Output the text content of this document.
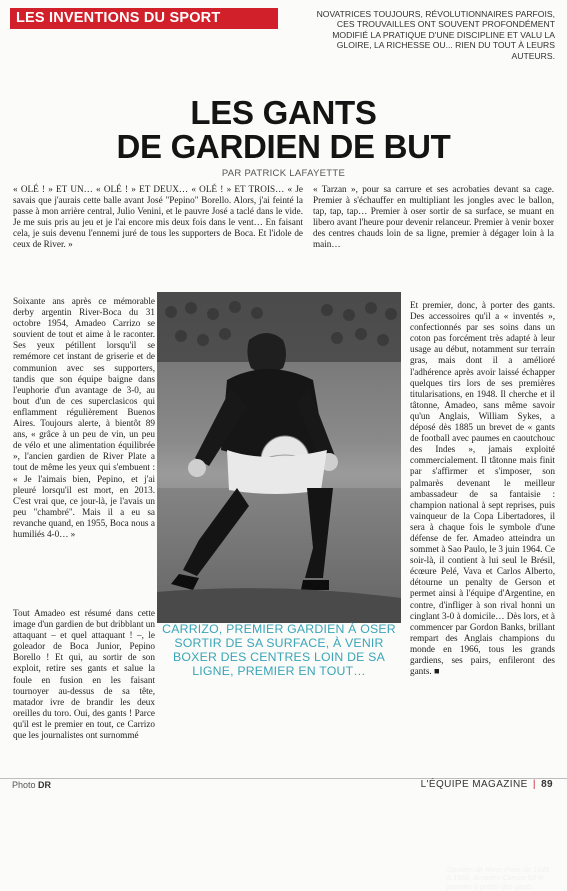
LES INVENTIONS DU SPORT	NOVATRICES TOUJOURS, RÉVOLUTIONNAIRES PARFOIS, CES TROUVAILLES ONT SOUVENT PROFONDÉMENT MODIFIÉ LA PRATIQUE D'UNE DISCIPLINE ET VALU LA GLOIRE, LA RICHESSE OU... RIEN DU TOUT À LEURS AUTEURS.
LES GANTS
DE GARDIEN DE BUT
PAR PATRICK LAFAYETTE

« OLÉ ! » ET UN… « OLÉ ! » ET DEUX… « OLÉ ! » ET TROIS… « Je savais que j'aurais cette balle avant José "Pepino" Borello. Alors, j'ai feinté la passe à mon arrière central, Julio Venini, et le pauvre José a taclé dans le vide. Je me suis pris au jeu et je l'ai encore mis deux fois dans le vent… En faisant cela, je suis devenu l'ennemi juré de tous les supporters de Boca. Et l'idole de ceux de River. »

Soixante ans après ce mémorable derby argentin River-Boca du 31 octobre 1954, Amadeo Carrizo se souvient de tout et aime à le raconter. Ses yeux pétillent lorsqu'il se remémore cet instant de griserie et de communion avec ses supporters, tandis que son équipe baigne dans l'euphorie d'un avantage de 3-0, au bout d'un de ces superclasicos qui enflamment régulièrement Buenos Aires. Toujours alerte, à bientôt 89 ans, « grâce à un peu de vin, un peu de vélo et une alimentation équilibrée », l'ancien gardien de River Plate a tout de même les yeux qui s'embuent : « Je l'aimais bien, Pepino, et j'ai pleuré lorsqu'il est mort, en 2013. C'est vrai que, ce jour-là, je l'avais un peu "chambré". Mais il a eu sa revanche quand, en 1955, Boca nous a humiliés 4-0… »

Gardien de River Plate de 1945 à 1968, Amadeo Carrizo fut le premier à porter des gants.

Tout Amadeo est résumé dans cette image d'un gardien de but dribblant un attaquant – et quel attaquant ! –, le goleador de Boca Junior, Pepino Borello ! Et qui, au sortir de son exploit, retire ses gants et salue la foule en fusion en les faisant tournoyer au-dessus de sa tête, matador ivre de brandir les deux oreilles du toro. Oui, des gants ! Parce qu'il est le premier en tout, ce Carrizo que les journalistes ont surnommé

CARRIZO, PREMIER GARDIEN À OSER SORTIR DE SA SURFACE, À VENIR BOXER DES CENTRES LOIN DE SA LIGNE, PREMIER EN TOUT…

Et premier, donc, à porter des gants. Des accessoires qu'il a « inventés », confectionnés par ses soins dans un coton pas forcément très adapté à leur usage au début, notamment sur terrain gras, mais dont il a amélioré l'adhérence après avoir laissé échapper quelques tirs lors de ses premières titularisations, en 1948. Il cherche et il tâtonne, Amadeo, sans même savoir qu'un Anglais, William Sykes, a déposé dès 1885 un brevet de « gants de football avec paumes en caoutchouc des Indes », jamais exploité commercialement. Il tâtonne mais finit par s'affirmer et s'imposer, son palmarès devenant le meilleur ambassadeur de sa fantaisie : champion national à sept reprises, puis vainqueur de la Copa Libertadores, il sera à chaque fois le symbole d'une défense de fer. Amadeo atteindra un sommet à Sao Paulo, le 3 juin 1964. Ce soir-là, il contient à lui seul le Brésil, écœure Pelé, Vava et Carlos Alberto, détourne un penalty de Gerson et permet ainsi à l'équipe d'Argentine, en contre, d'infliger à son rival honni un cinglant 3-0 à domicile… Dès lors, et à commencer par Gordon Banks, brillant rempart des Anglais champions du monde en 1966, tous les grands gardiens, ses pairs, enfileront des gants. ■

Photo DR	L'ÉQUIPE MAGAZINE | 89

« Tarzan », pour sa carrure et ses acrobaties devant sa cage. Premier à s'échauffer en multipliant les jongles avec le ballon, tap, tap, tap… Premier à oser sortir de sa surface, se muant en libero avant l'heure pour devenir relanceur. Premier à venir boxer des centres chauds loin de sa ligne, premier à dégager loin à la main…
